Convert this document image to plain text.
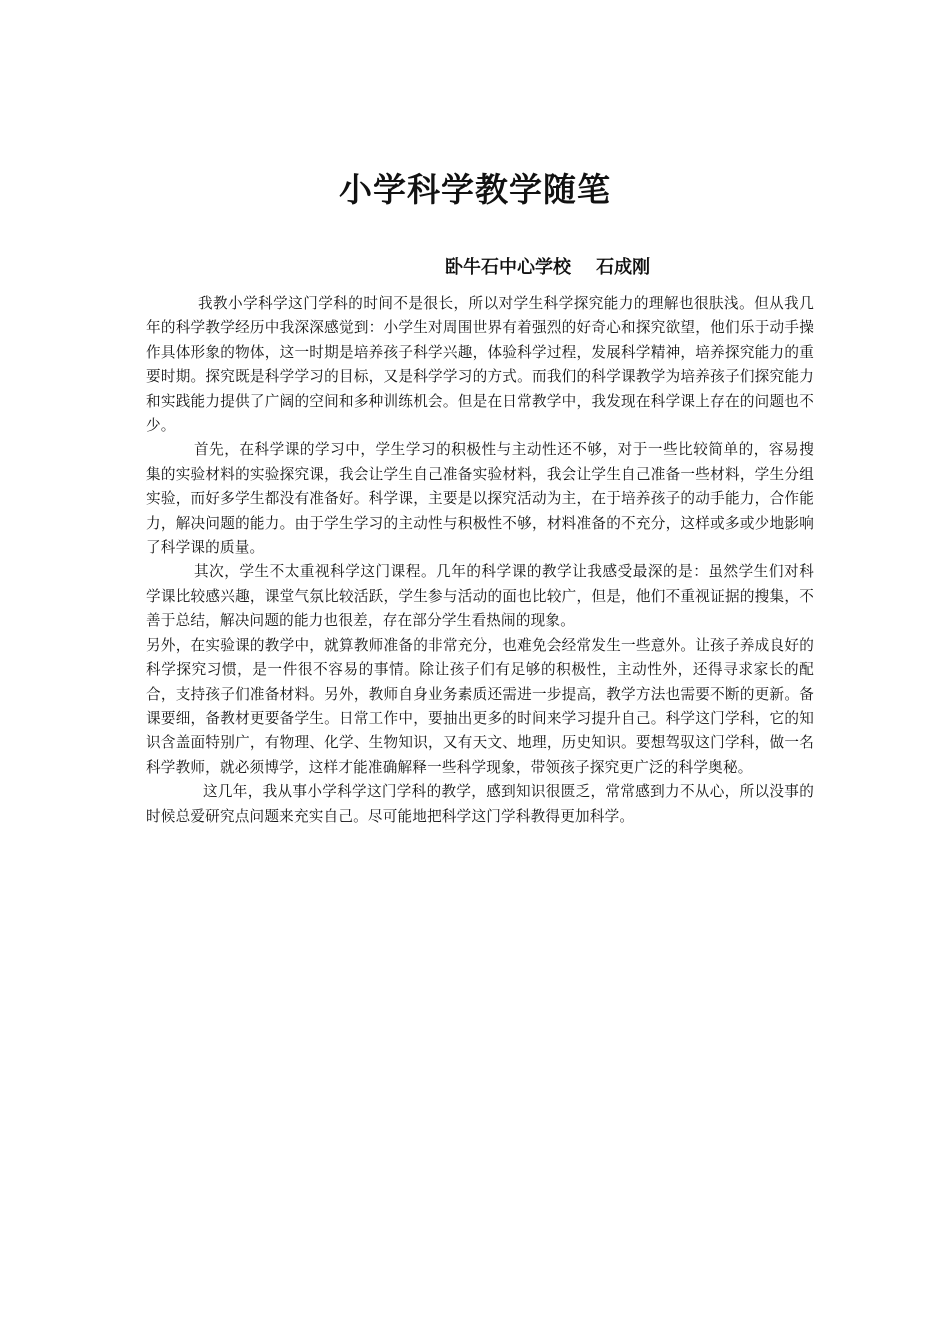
小学科学教学随笔
卧牛石中心学校    石成刚

我教小学科学这门学科的时间不是很长，所以对学生科学探究能力的理解也很肤浅。但从我几年的科学教学经历中我深深感觉到：小学生对周围世界有着强烈的好奇心和探究欲望，他们乐于动手操作具体形象的物体，这一时期是培养孩子科学兴趣，体验科学过程，发展科学精神，培养探究能力的重要时期。探究既是科学学习的目标，又是科学学习的方式。而我们的科学课教学为培养孩子们探究能力和实践能力提供了广阔的空间和多种训练机会。但是在日常教学中，我发现在科学课上存在的问题也不少。

首先，在科学课的学习中，学生学习的积极性与主动性还不够，对于一些比较简单的，容易搜集的实验材料的实验探究课，我会让学生自己准备实验材料，我会让学生自己准备一些材料，学生分组实验，而好多学生都没有准备好。科学课，主要是以探究活动为主，在于培养孩子的动手能力，合作能力，解决问题的能力。由于学生学习的主动性与积极性不够，材料准备的不充分，这样或多或少地影响了科学课的质量。

其次，学生不太重视科学这门课程。几年的科学课的教学让我感受最深的是：虽然学生们对科学课比较感兴趣，课堂气氛比较活跃，学生参与活动的面也比较广，但是，他们不重视证据的搜集，不善于总结，解决问题的能力也很差，存在部分学生看热闹的现象。

另外，在实验课的教学中，就算教师准备的非常充分，也难免会经常发生一些意外。让孩子养成良好的科学探究习惯，是一件很不容易的事情。除让孩子们有足够的积极性，主动性外，还得寻求家长的配合，支持孩子们准备材料。另外，教师自身业务素质还需进一步提高，教学方法也需要不断的更新。备课要细，备教材更要备学生。日常工作中，要抽出更多的时间来学习提升自己。科学这门学科，它的知识含盖面特别广，有物理、化学、生物知识，又有天文、地理，历史知识。要想驾驭这门学科，做一名科学教师，就必须博学，这样才能准确解释一些科学现象，带领孩子探究更广泛的科学奥秘。

这几年，我从事小学科学这门学科的教学，感到知识很匮乏，常常感到力不从心，所以没事的时候总爱研究点问题来充实自己。尽可能地把科学这门学科教得更加科学。
